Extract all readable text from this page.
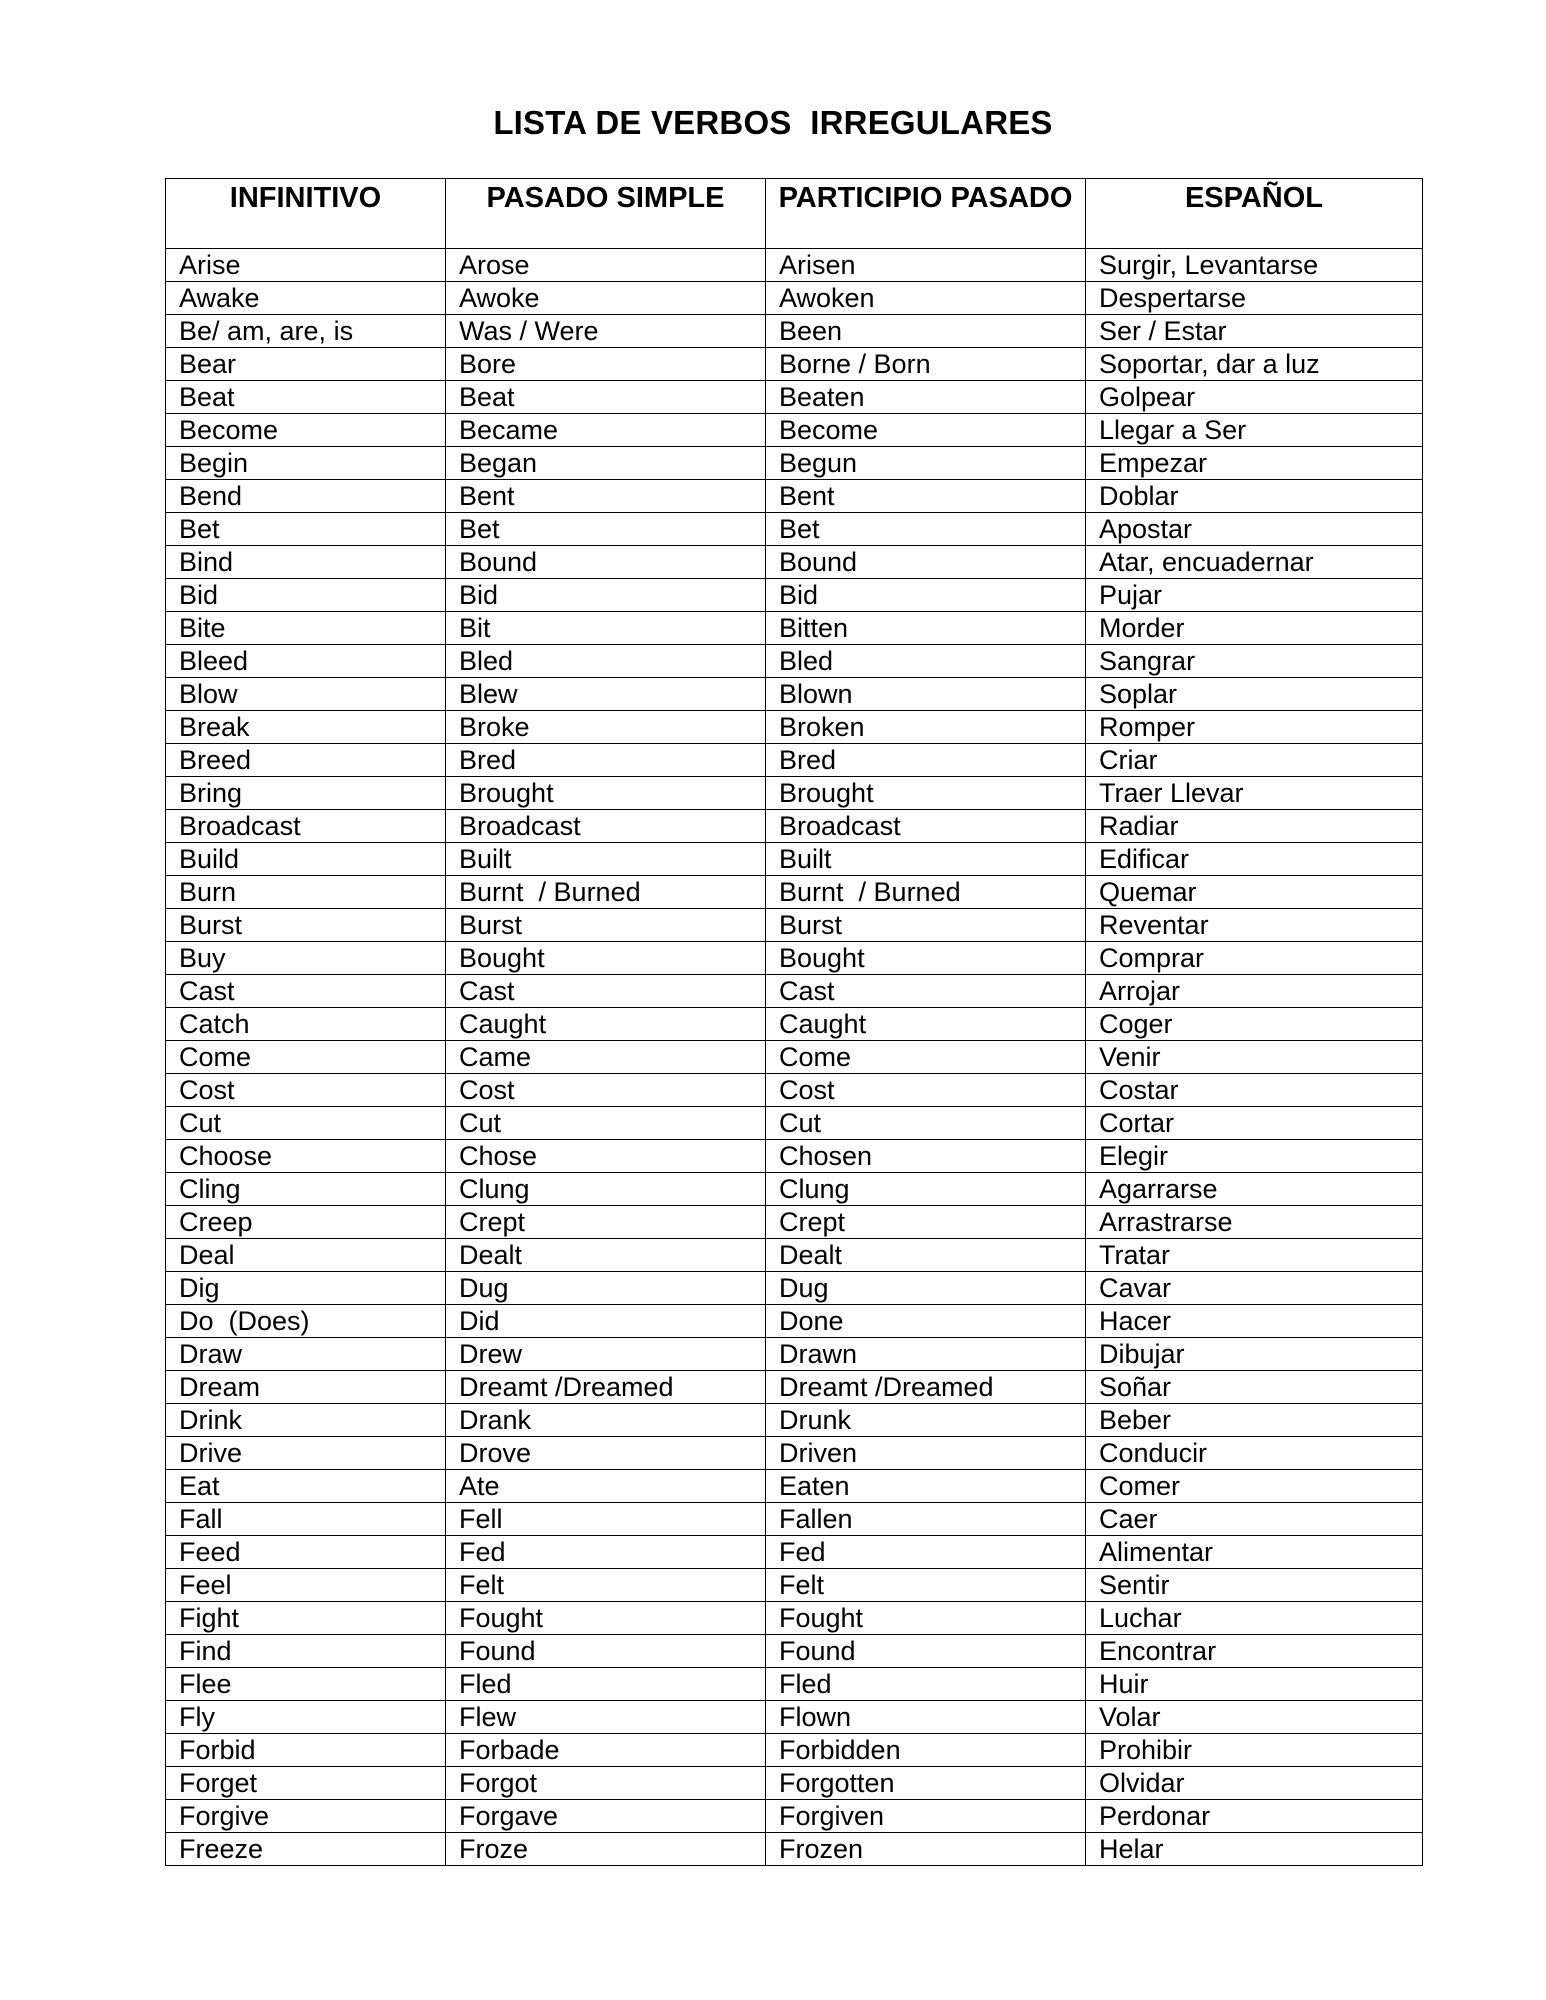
LISTA DE VERBOS  IRREGULARES
INFINITIVO	PASADO SIMPLE	PARTICIPIO PASADO	ESPAÑOL
Arise	Arose	Arisen	Surgir, Levantarse
Awake	Awoke	Awoken	Despertarse
Be/ am, are, is	Was / Were	Been	Ser / Estar
Bear	Bore	Borne / Born	Soportar, dar a luz
Beat	Beat	Beaten	Golpear
Become	Became	Become	Llegar a Ser
Begin	Began	Begun	Empezar
Bend	Bent	Bent	Doblar
Bet	Bet	Bet	Apostar
Bind	Bound	Bound	Atar, encuadernar
Bid	Bid	Bid	Pujar
Bite	Bit	Bitten	Morder
Bleed	Bled	Bled	Sangrar
Blow	Blew	Blown	Soplar
Break	Broke	Broken	Romper
Breed	Bred	Bred	Criar
Bring	Brought	Brought	Traer Llevar
Broadcast	Broadcast	Broadcast	Radiar
Build	Built	Built	Edificar
Burn	Burnt  / Burned	Burnt  / Burned	Quemar
Burst	Burst	Burst	Reventar
Buy	Bought	Bought	Comprar
Cast	Cast	Cast	Arrojar
Catch	Caught	Caught	Coger
Come	Came	Come	Venir
Cost	Cost	Cost	Costar
Cut	Cut	Cut	Cortar
Choose	Chose	Chosen	Elegir
Cling	Clung	Clung	Agarrarse
Creep	Crept	Crept	Arrastrarse
Deal	Dealt	Dealt	Tratar
Dig	Dug	Dug	Cavar
Do  (Does)	Did	Done	Hacer
Draw	Drew	Drawn	Dibujar
Dream	Dreamt /Dreamed	Dreamt /Dreamed	Soñar
Drink	Drank	Drunk	Beber
Drive	Drove	Driven	Conducir
Eat	Ate	Eaten	Comer
Fall	Fell	Fallen	Caer
Feed	Fed	Fed	Alimentar
Feel	Felt	Felt	Sentir
Fight	Fought	Fought	Luchar
Find	Found	Found	Encontrar
Flee	Fled	Fled	Huir
Fly	Flew	Flown	Volar
Forbid	Forbade	Forbidden	Prohibir
Forget	Forgot	Forgotten	Olvidar
Forgive	Forgave	Forgiven	Perdonar
Freeze	Froze	Frozen	Helar
